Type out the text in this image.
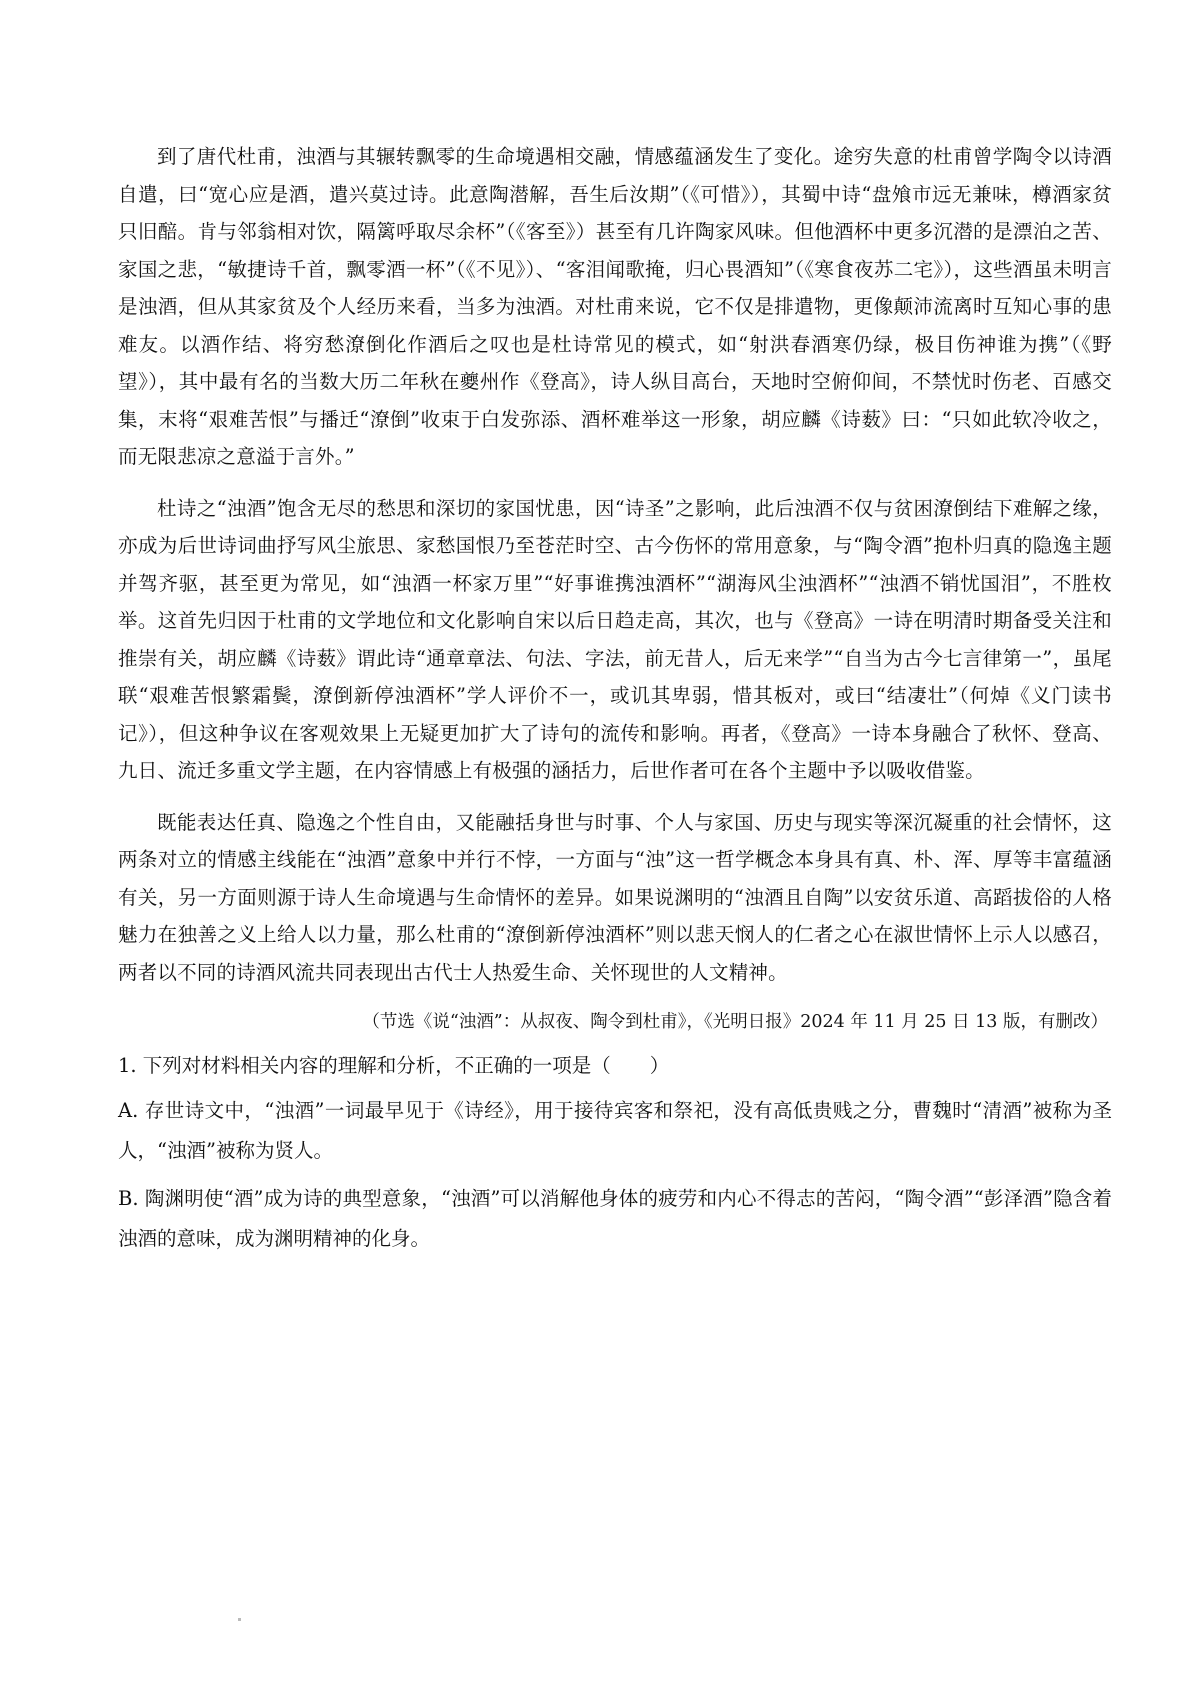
到了唐代杜甫，浊酒与其辗转飘零的生命境遇相交融，情感蕴涵发生了变化。途穷失意的杜甫曾学陶令以诗酒自遣，曰“宽心应是酒，遣兴莫过诗。此意陶潜解，吾生后汝期”（《可惜》），其蜀中诗“盘飧市远无兼味，樽酒家贫只旧醅。肯与邻翁相对饮，隔篱呼取尽余杯”（《客至》）甚至有几许陶家风味。但他酒杯中更多沉潜的是漂泊之苦、家国之悲，“敏捷诗千首，飘零酒一杯”（《不见》）、“客泪闻歌掩，归心畏酒知”（《寒食夜苏二宅》），这些酒虽未明言是浊酒，但从其家贫及个人经历来看，当多为浊酒。对杜甫来说，它不仅是排遣物，更像颠沛流离时互知心事的患难友。以酒作结、将穷愁潦倒化作酒后之叹也是杜诗常见的模式，如“射洪春酒寒仍绿，极目伤神谁为携”（《野望》），其中最有名的当数大历二年秋在夔州作《登高》，诗人纵目高台，天地时空俯仰间，不禁忧时伤老、百感交集，末将“艰难苦恨”与播迁“潦倒”收束于白发弥添、酒杯难举这一形象，胡应麟《诗薮》曰：“只如此软冷收之，而无限悲凉之意溢于言外。”

杜诗之“浊酒”饱含无尽的愁思和深切的家国忧患，因“诗圣”之影响，此后浊酒不仅与贫困潦倒结下难解之缘，亦成为后世诗词曲抒写风尘旅思、家愁国恨乃至苍茫时空、古今伤怀的常用意象，与“陶令酒”抱朴归真的隐逸主题并驾齐驱，甚至更为常见，如“浊酒一杯家万里”“好事谁携浊酒杯”“湖海风尘浊酒杯”“浊酒不销忧国泪”，不胜枚举。这首先归因于杜甫的文学地位和文化影响自宋以后日趋走高，其次，也与《登高》一诗在明清时期备受关注和推崇有关，胡应麟《诗薮》谓此诗“通章章法、句法、字法，前无昔人，后无来学”“自当为古今七言律第一”，虽尾联“艰难苦恨繁霜鬓，潦倒新停浊酒杯”学人评价不一，或讥其卑弱，惜其板对，或曰“结凄壮”（何焯《义门读书记》），但这种争议在客观效果上无疑更加扩大了诗句的流传和影响。再者，《登高》一诗本身融合了秋怀、登高、九日、流迁多重文学主题，在内容情感上有极强的涵括力，后世作者可在各个主题中予以吸收借鉴。

既能表达任真、隐逸之个性自由，又能融括身世与时事、个人与家国、历史与现实等深沉凝重的社会情怀，这两条对立的情感主线能在“浊酒”意象中并行不悖，一方面与“浊”这一哲学概念本身具有真、朴、浑、厚等丰富蕴涵有关，另一方面则源于诗人生命境遇与生命情怀的差异。如果说渊明的“浊酒且自陶”以安贫乐道、高蹈拔俗的人格魅力在独善之义上给人以力量，那么杜甫的“潦倒新停浊酒杯”则以悲天悯人的仁者之心在淑世情怀上示人以感召，两者以不同的诗酒风流共同表现出古代士人热爱生命、关怀现世的人文精神。

（节选《说“浊酒”：从叔夜、陶令到杜甫》，《光明日报》2024 年 11 月 25 日 13 版，有删改）

1. 下列对材料相关内容的理解和分析，不正确的一项是（　　）

A. 存世诗文中，“浊酒”一词最早见于《诗经》，用于接待宾客和祭祀，没有高低贵贱之分，曹魏时“清酒”被称为圣人，“浊酒”被称为贤人。

B. 陶渊明使“酒”成为诗的典型意象，“浊酒”可以消解他身体的疲劳和内心不得志的苦闷，“陶令酒”“彭泽酒”隐含着浊酒的意味，成为渊明精神的化身。
